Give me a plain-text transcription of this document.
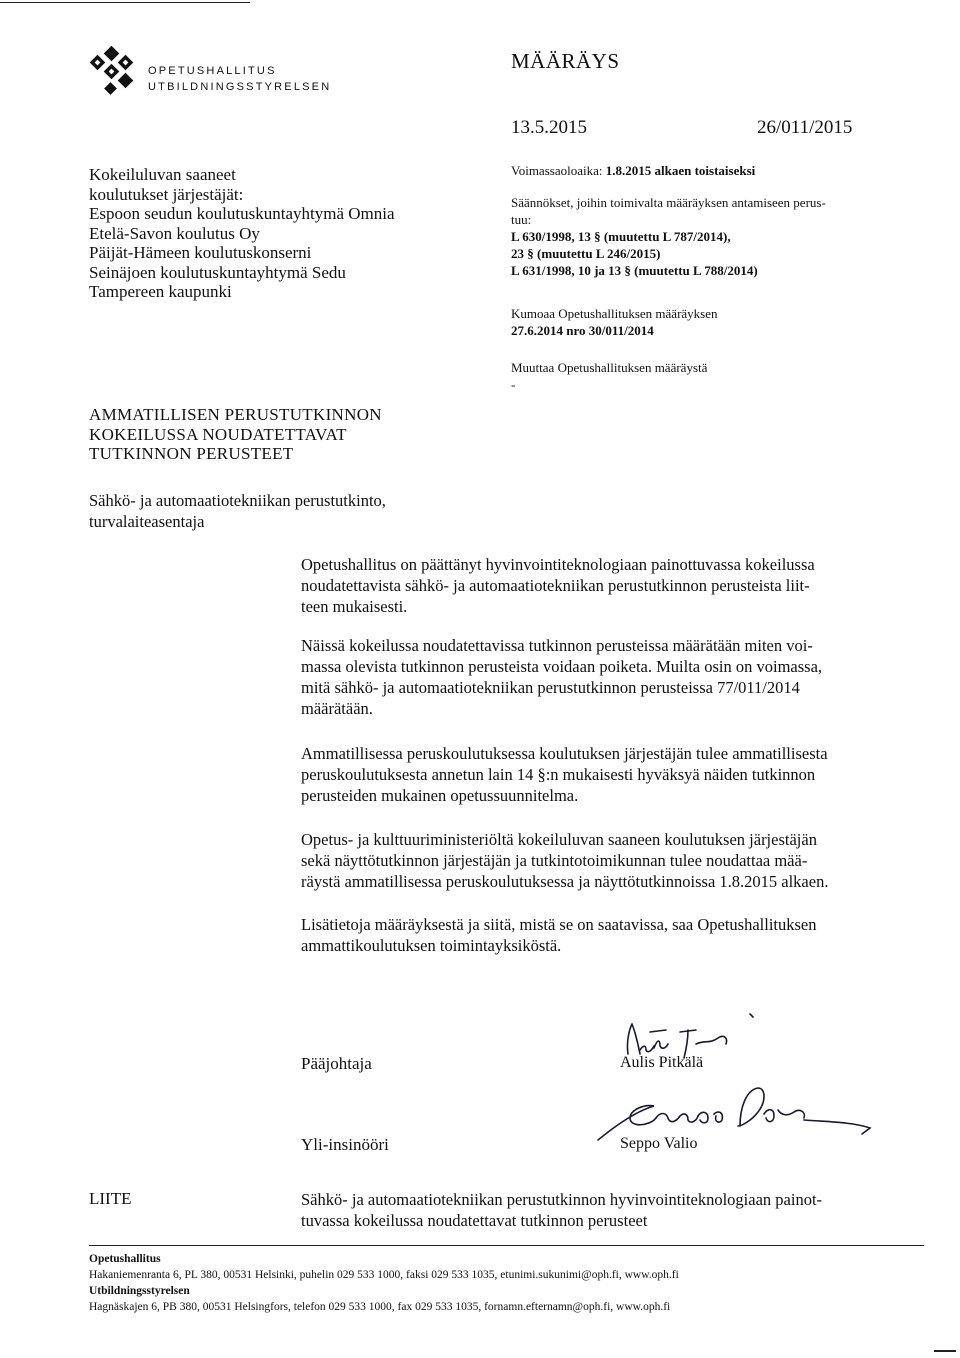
OPETUSHALLITUS
UTBILDNINGSSTYRELSEN
MÄÄRÄYS
13.5.2015	26/011/2015
Kokeiluluvan saaneet
koulutukset järjestäjät:
Espoon seudun koulutuskuntayhtymä Omnia
Etelä-Savon koulutus Oy
Päijät-Hämeen koulutuskonserni
Seinäjoen koulutuskuntayhtymä Sedu
Tampereen kaupunki
Voimassaoloaika: 1.8.2015 alkaen toistaiseksi
Säännökset, joihin toimivalta määräyksen antamiseen perus-
tuu:
L 630/1998, 13 § (muutettu L 787/2014),
23 § (muutettu L 246/2015)
L 631/1998, 10 ja 13 § (muutettu L 788/2014)
Kumoaa Opetushallituksen määräyksen
27.6.2014 nro 30/011/2014
Muuttaa Opetushallituksen määräystä
-
AMMATILLISEN PERUSTUTKINNON
KOKEILUSSA NOUDATETTAVAT
TUTKINNON PERUSTEET
Sähkö- ja automaatiotekniikan perustutkinto,
turvalaiteasentaja

Opetushallitus on päättänyt hyvinvointiteknologiaan painottuvassa kokeilussa
noudatettavista sähkö- ja automaatiotekniikan perustutkinnon perusteista liit-
teen mukaisesti.

Näissä kokeilussa noudatettavissa tutkinnon perusteissa määrätään miten voi-
massa olevista tutkinnon perusteista voidaan poiketa. Muilta osin on voimassa,
mitä sähkö- ja automaatiotekniikan perustutkinnon perusteissa 77/011/2014
määrätään.

Ammatillisessa peruskoulutuksessa koulutuksen järjestäjän tulee ammatillisesta
peruskoulutuksesta annetun lain 14 §:n mukaisesti hyväksyä näiden tutkinnon
perusteiden mukainen opetussuunnitelma.

Opetus- ja kulttuuriministeriöltä kokeiluluvan saaneen koulutuksen järjestäjän
sekä näyttötutkinnon järjestäjän ja tutkintotoimikunnan tulee noudattaa mää-
räystä ammatillisessa peruskoulutuksessa ja näyttötutkinnoissa 1.8.2015 alkaen.

Lisätietoja määräyksestä ja siitä, mistä se on saatavissa, saa Opetushallituksen
ammattikoulutuksen toimintayksiköstä.

Pääjohtaja	Aulis Pitkälä
Yli-insinööri	Seppo Valio
LIITE	Sähkö- ja automaatiotekniikan perustutkinnon hyvinvointiteknologiaan painot-
tuvassa kokeilussa noudatettavat tutkinnon perusteet
Opetushallitus
Hakaniemenranta 6, PL 380, 00531 Helsinki, puhelin 029 533 1000, faksi 029 533 1035, etunimi.sukunimi@oph.fi, www.oph.fi
Utbildningsstyrelsen
Hagnäskajen 6, PB 380, 00531 Helsingfors, telefon 029 533 1000, fax 029 533 1035, fornamn.efternamn@oph.fi, www.oph.fi
